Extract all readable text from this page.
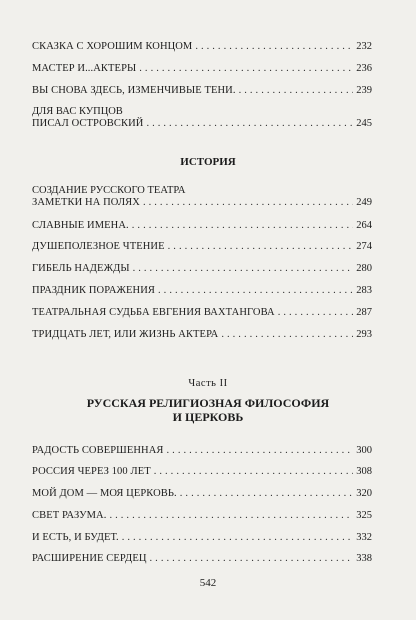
СКАЗКА С ХОРОШИМ КОНЦОМ . . .	232
МАСТЕР И...АКТЕРЫ . . .	236
ВЫ СНОВА ЗДЕСЬ, ИЗМЕНЧИВЫЕ ТЕНИ. . . .	239
ДЛЯ ВАС КУПЦОВ
ПИСАЛ ОСТРОВСКИЙ . . .	245
ИСТОРИЯ
СОЗДАНИЕ РУССКОГО ТЕАТРА
ЗАМЕТКИ НА ПОЛЯХ . . .	249
СЛАВНЫЕ ИМЕНА. . . .	264
ДУШЕПОЛЕЗНОЕ ЧТЕНИЕ . . .	274
ГИБЕЛЬ НАДЕЖДЫ . . .	280
ПРАЗДНИК ПОРАЖЕНИЯ . . .	283
ТЕАТРАЛЬНАЯ СУДЬБА ЕВГЕНИЯ ВАХТАНГОВА . . .	287
ТРИДЦАТЬ ЛЕТ, ИЛИ ЖИЗНЬ АКТЕРА . . .	293
Часть II
РУССКАЯ РЕЛИГИОЗНАЯ ФИЛОСОФИЯ
И ЦЕРКОВЬ
РАДОСТЬ СОВЕРШЕННАЯ . . .	300
РОССИЯ ЧЕРЕЗ 100 ЛЕТ . . .	308
МОЙ ДОМ — МОЯ ЦЕРКОВЬ. . . .	320
СВЕТ РАЗУМА. . . .	325
И ЕСТЬ, И БУДЕТ. . . .	332
РАСШИРЕНИЕ СЕРДЕЦ . . .	338
542
